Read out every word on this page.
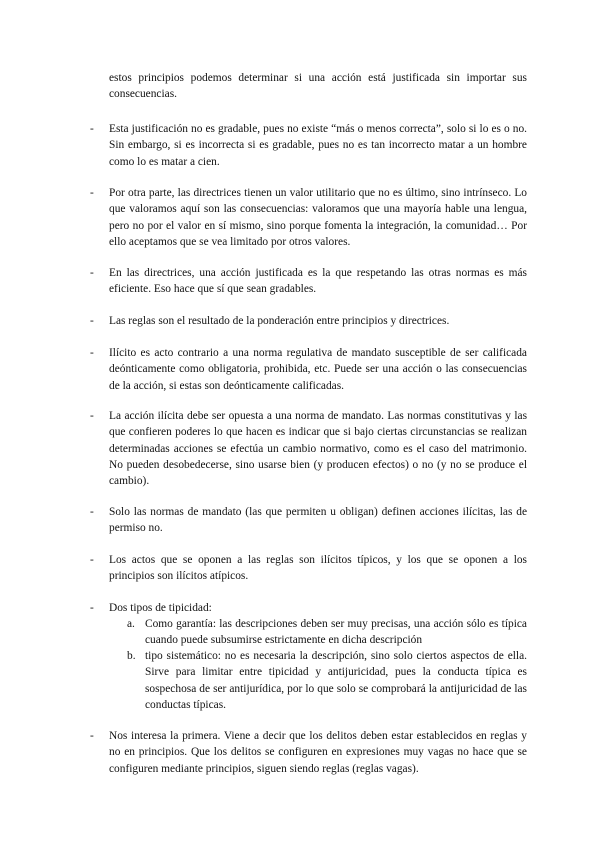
estos principios podemos determinar si una acción está justificada sin importar sus consecuencias.

- Esta justificación no es gradable, pues no existe “más o menos correcta”, solo si lo es o no. Sin embargo, si es incorrecta si es gradable, pues no es tan incorrecto matar a un hombre como lo es matar a cien.
- Por otra parte, las directrices tienen un valor utilitario que no es último, sino intrínseco. Lo que valoramos aquí son las consecuencias: valoramos que una mayoría hable una lengua, pero no por el valor en sí mismo, sino porque fomenta la integración, la comunidad… Por ello aceptamos que se vea limitado por otros valores.
- En las directrices, una acción justificada es la que respetando las otras normas es más eficiente. Eso hace que sí que sean gradables.
- Las reglas son el resultado de la ponderación entre principios y directrices.
- Ilícito es acto contrario a una norma regulativa de mandato susceptible de ser calificada deónticamente como obligatoria, prohibida, etc. Puede ser una acción o las consecuencias de la acción, si estas son deónticamente calificadas.
- La acción ilícita debe ser opuesta a una norma de mandato. Las normas constitutivas y las que confieren poderes lo que hacen es indicar que si bajo ciertas circunstancias se realizan determinadas acciones se efectúa un cambio normativo, como es el caso del matrimonio. No pueden desobedecerse, sino usarse bien (y producen efectos) o no (y no se produce el cambio).
- Solo las normas de mandato (las que permiten u obligan) definen acciones ilícitas, las de permiso no.
- Los actos que se oponen a las reglas son ilícitos típicos, y los que se oponen a los principios son ilícitos atípicos.
- Dos tipos de tipicidad:
a. Como garantía: las descripciones deben ser muy precisas, una acción sólo es típica cuando puede subsumirse estrictamente en dicha descripción
b. tipo sistemático: no es necesaria la descripción, sino solo ciertos aspectos de ella. Sirve para limitar entre tipicidad y antijuricidad, pues la conducta típica es sospechosa de ser antijurídica, por lo que solo se comprobará la antijuricidad de las conductas típicas.
- Nos interesa la primera. Viene a decir que los delitos deben estar establecidos en reglas y no en principios. Que los delitos se configuren en expresiones muy vagas no hace que se configuren mediante principios, siguen siendo reglas (reglas vagas).
